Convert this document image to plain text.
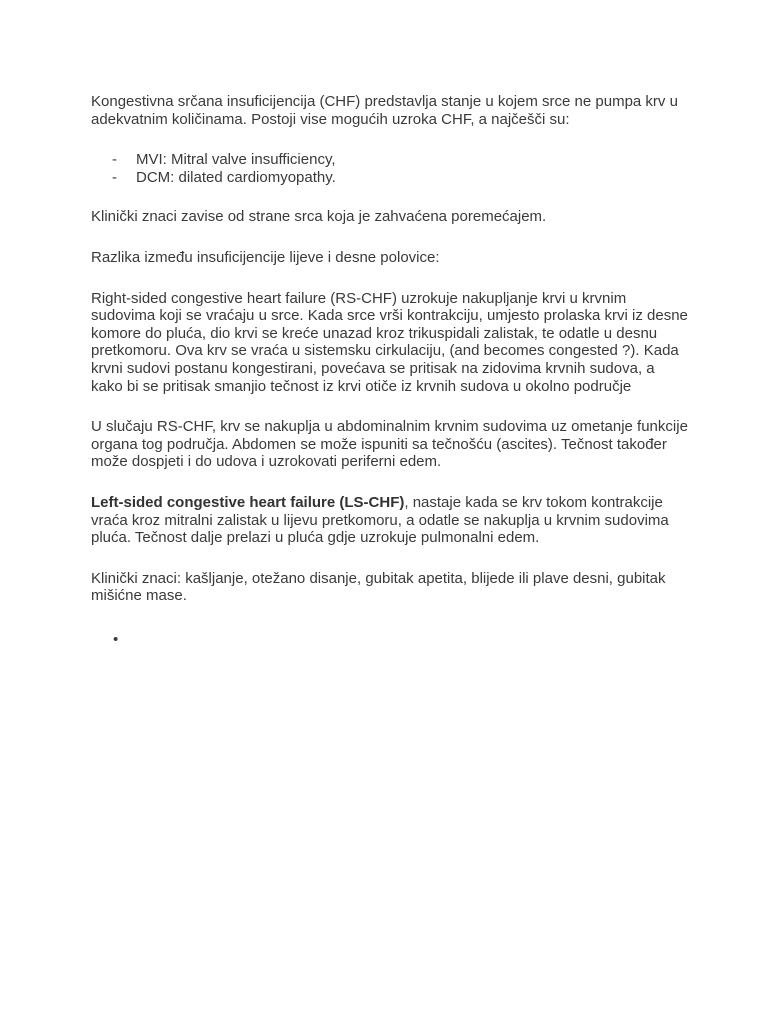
Kongestivna srčana insuficijencija (CHF) predstavlja stanje u kojem srce ne pumpa krv u adekvatnim količinama. Postoji vise mogućih uzroka CHF, a najčešči su:

- MVI: Mitral valve insufficiency,
- DCM: dilated cardiomyopathy.

Klinički znaci zavise od strane srca koja je zahvaćena poremećajem.

Razlika između insuficijencije lijeve i desne polovice:

Right-sided congestive heart failure (RS-CHF) uzrokuje nakupljanje krvi u krvnim sudovima koji se vraćaju u srce. Kada srce vrši kontrakciju, umjesto prolaska krvi iz desne komore do pluća, dio krvi se kreće unazad kroz trikuspidali zalistak, te odatle u desnu pretkomoru. Ova krv se vraća u sistemsku cirkulaciju, (and becomes congested ?). Kada krvni sudovi postanu kongestirani, povećava se pritisak na zidovima krvnih sudova, a kako bi se pritisak smanjio tečnost iz krvi otiče iz krvnih sudova u okolno područje

U slučaju RS-CHF, krv se nakuplja u abdominalnim krvnim sudovima uz ometanje funkcije organa tog područja. Abdomen se može ispuniti sa tečnošću (ascites). Tečnost također može dospjeti i do udova i uzrokovati periferni edem.

Left-sided congestive heart failure (LS-CHF), nastaje kada se krv tokom kontrakcije vraća kroz mitralni zalistak u lijevu pretkomoru, a odatle se nakuplja u krvnim sudovima pluća. Tečnost dalje prelazi u pluća gdje uzrokuje pulmonalni edem.

Klinički znaci: kašljanje, otežano disanje, gubitak apetita, blijede ili plave desni, gubitak mišićne mase.

•
